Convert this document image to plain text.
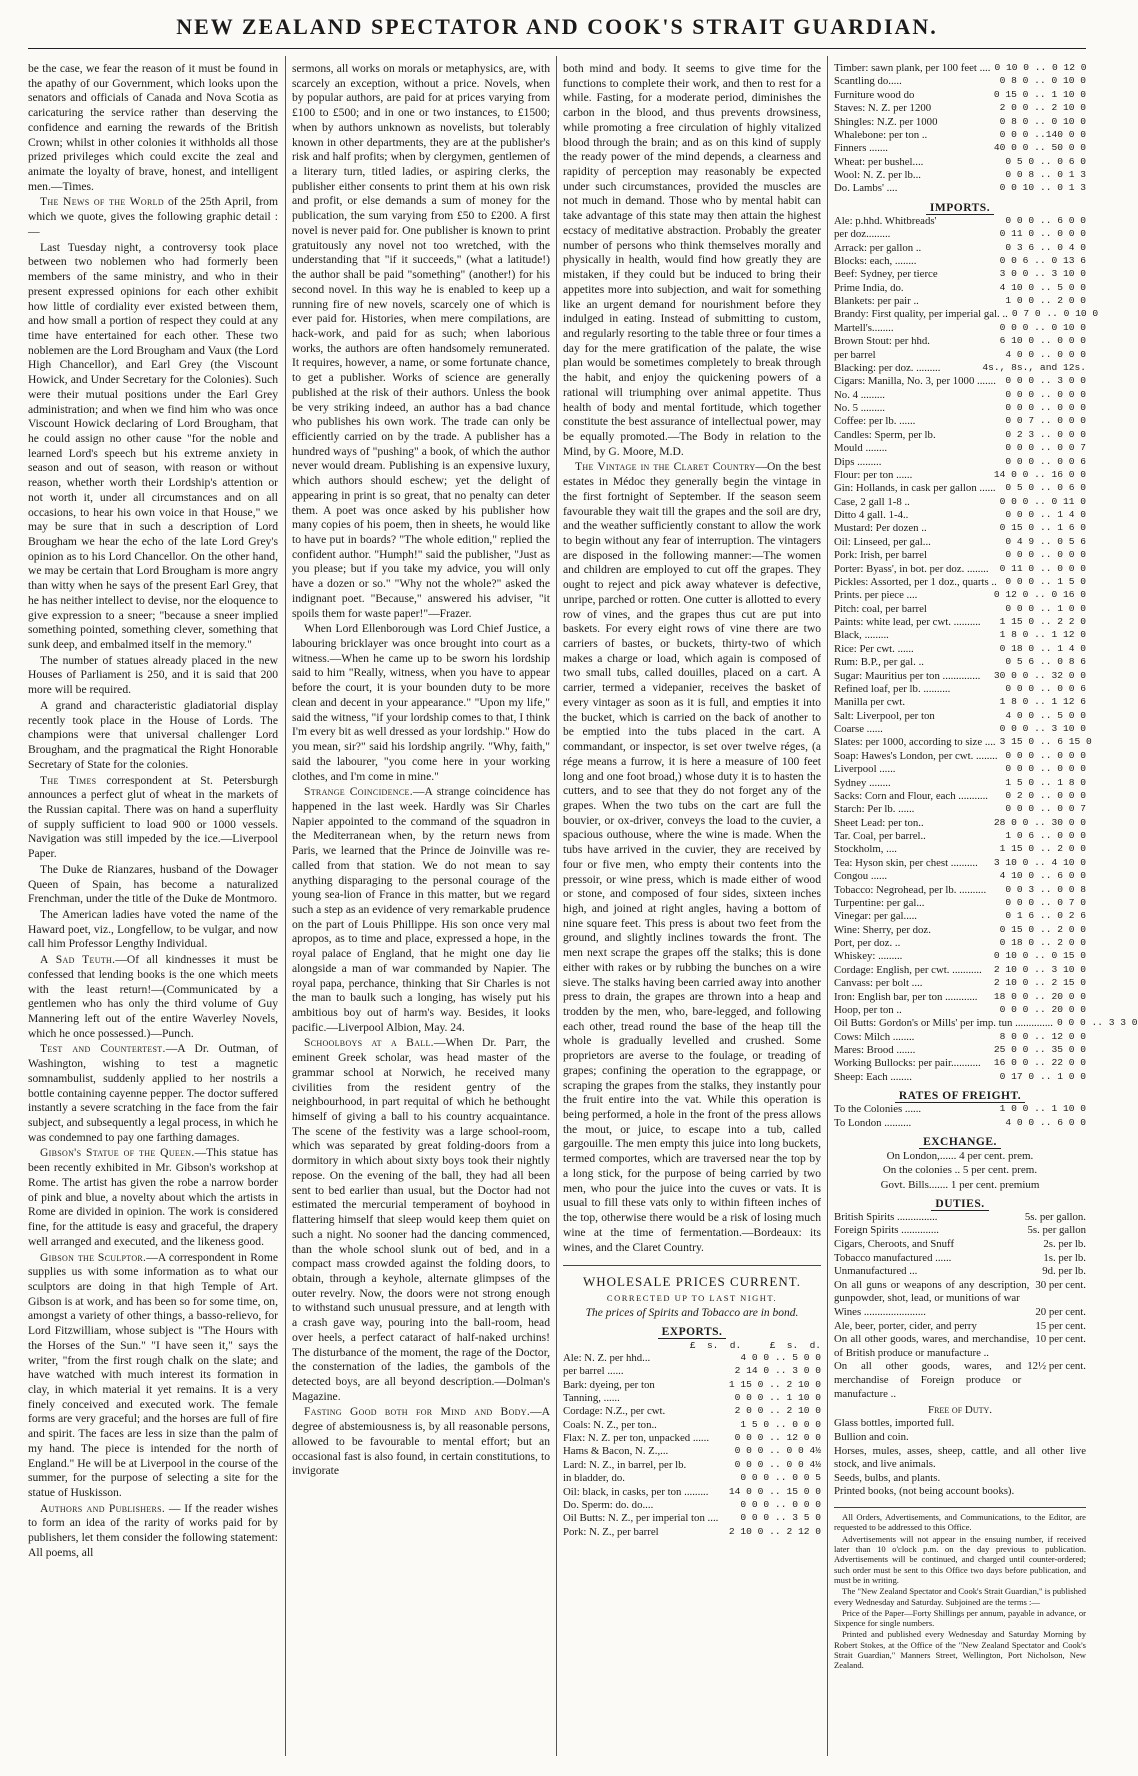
NEW ZEALAND SPECTATOR AND COOK'S STRAIT GUARDIAN.

be the case, we fear the reason of it must be found in the apathy of our Government, which looks upon the senators and officials of Canada and Nova Scotia as caricaturing the service rather than deserving the confidence and earning the rewards of the British Crown; whilst in other colonies it withholds all those prized privileges which could excite the zeal and animate the loyalty of brave, honest, and intelligent men.—Times.

The News of the World of the 25th April, from which we quote, gives the following graphic detail :—

Last Tuesday night, a controversy took place between two noblemen who had formerly been members of the same ministry, and who in their present expressed opinions for each other exhibit how little of cordiality ever existed between them, and how small a portion of respect they could at any time have entertained for each other. These two noblemen are the Lord Brougham and Vaux (the Lord High Chancellor), and Earl Grey (the Viscount Howick, and Under Secretary for the Colonies). Such were their mutual positions under the Earl Grey administration; and when we find him who was once Viscount Howick declaring of Lord Brougham, that he could assign no other cause "for the noble and learned Lord's speech but his extreme anxiety in season and out of season, with reason or without reason, whether worth their Lordship's attention or not worth it, under all circumstances and on all occasions, to hear his own voice in that House," we may be sure that in such a description of Lord Brougham we hear the echo of the late Lord Grey's opinion as to his Lord Chancellor. On the other hand, we may be certain that Lord Brougham is more angry than witty when he says of the present Earl Grey, that he has neither intellect to devise, nor the eloquence to give expression to a sneer; "because a sneer implied something pointed, something clever, something that sunk deep, and embalmed itself in the memory."

The number of statues already placed in the new Houses of Parliament is 250, and it is said that 200 more will be required.

A grand and characteristic gladiatorial display recently took place in the House of Lords. The champions were that universal challenger Lord Brougham, and the pragmatical the Right Honorable Secretary of State for the colonies.

The Times correspondent at St. Petersburgh announces a perfect glut of wheat in the markets of the Russian capital. There was on hand a superfluity of supply sufficient to load 900 or 1000 vessels. Navigation was still impeded by the ice.—Liverpool Paper.

The Duke de Rianzares, husband of the Dowager Queen of Spain, has become a naturalized Frenchman, under the title of the Duke de Montmoro.

The American ladies have voted the name of the Haward poet, viz., Longfellow, to be vulgar, and now call him Professor Lengthy Individual.

A Sad Teuth.—Of all kindnesses it must be confessed that lending books is the one which meets with the least return!—(Communicated by a gentlemen who has only the third volume of Guy Mannering left out of the entire Waverley Novels, which he once possessed.)—Punch.

Test and Countertest.—A Dr. Outman, of Washington, wishing to test a magnetic somnambulist, suddenly applied to her nostrils a bottle containing cayenne pepper. The doctor suffered instantly a severe scratching in the face from the fair subject, and subsequently a legal process, in which he was condemned to pay one farthing damages.

Gibson's Statue of the Queen.—This statue has been recently exhibited in Mr. Gibson's workshop at Rome. The artist has given the robe a narrow border of pink and blue, a novelty about which the artists in Rome are divided in opinion. The work is considered fine, for the attitude is easy and graceful, the drapery well arranged and executed, and the likeness good.

Gibson the Sculptor.—A correspondent in Rome supplies us with some information as to what our sculptors are doing in that high Temple of Art. Gibson is at work, and has been so for some time, on, amongst a variety of other things, a basso-relievo, for Lord Fitzwilliam, whose subject is "The Hours with the Horses of the Sun." "I have seen it," says the writer, "from the first rough chalk on the slate; and have watched with much interest its formation in clay, in which material it yet remains. It is a very finely conceived and executed work. The female forms are very graceful; and the horses are full of fire and spirit. The faces are less in size than the palm of my hand. The piece is intended for the north of England." He will be at Liverpool in the course of the summer, for the purpose of selecting a site for the statue of Huskisson.

Authors and Publishers. — If the reader wishes to form an idea of the rarity of works paid for by publishers, let them consider the following statement: All poems, all

sermons, all works on morals or metaphysics, are, with scarcely an exception, without a price. Novels, when by popular authors, are paid for at prices varying from £100 to £500; and in one or two instances, to £1500; when by authors unknown as novelists, but tolerably known in other departments, they are at the publisher's risk and half profits; when by clergymen, gentlemen of a literary turn, titled ladies, or aspiring clerks, the publisher either consents to print them at his own risk and profit, or else demands a sum of money for the publication, the sum varying from £50 to £200. A first novel is never paid for. One publisher is known to print gratuitously any novel not too wretched, with the understanding that "if it succeeds," (what a latitude!) the author shall be paid "something" (another!) for his second novel. In this way he is enabled to keep up a running fire of new novels, scarcely one of which is ever paid for. Histories, when mere compilations, are hack-work, and paid for as such; when laborious works, the authors are often handsomely remunerated. It requires, however, a name, or some fortunate chance, to get a publisher. Works of science are generally published at the risk of their authors. Unless the book be very striking indeed, an author has a bad chance who publishes his own work. The trade can only be efficiently carried on by the trade. A publisher has a hundred ways of "pushing" a book, of which the author never would dream. Publishing is an expensive luxury, which authors should eschew; yet the delight of appearing in print is so great, that no penalty can deter them. A poet was once asked by his publisher how many copies of his poem, then in sheets, he would like to have put in boards? "The whole edition," replied the confident author. "Humph!" said the publisher, "Just as you please; but if you take my advice, you will only have a dozen or so." "Why not the whole?" asked the indignant poet. "Because," answered his adviser, "it spoils them for waste paper!"—Frazer.

When Lord Ellenborough was Lord Chief Justice, a labouring bricklayer was once brought into court as a witness.—When he came up to be sworn his lordship said to him "Really, witness, when you have to appear before the court, it is your bounden duty to be more clean and decent in your appearance." "Upon my life," said the witness, "if your lordship comes to that, I think I'm every bit as well dressed as your lordship." How do you mean, sir?" said his lordship angrily. "Why, faith," said the labourer, "you come here in your working clothes, and I'm come in mine."

Strange Coincidence.—A strange coincidence has happened in the last week. Hardly was Sir Charles Napier appointed to the command of the squadron in the Mediterranean when, by the return news from Paris, we learned that the Prince de Joinville was re-called from that station. We do not mean to say anything disparaging to the personal courage of the young sea-lion of France in this matter, but we regard such a step as an evidence of very remarkable prudence on the part of Louis Phillippe. His son once very mal apropos, as to time and place, expressed a hope, in the royal palace of England, that he might one day lie alongside a man of war commanded by Napier. The royal papa, perchance, thinking that Sir Charles is not the man to baulk such a longing, has wisely put his ambitious boy out of harm's way. Besides, it looks pacific.—Liverpool Albion, May. 24.

Schoolboys at a Ball.—When Dr. Parr, the eminent Greek scholar, was head master of the grammar school at Norwich, he received many civilities from the resident gentry of the neighbourhood, in part requital of which he bethought himself of giving a ball to his country acquaintance. The scene of the festivity was a large school-room, which was separated by great folding-doors from a dormitory in which about sixty boys took their nightly repose. On the evening of the ball, they had all been sent to bed earlier than usual, but the Doctor had not estimated the mercurial temperament of boyhood in flattering himself that sleep would keep them quiet on such a night. No sooner had the dancing commenced, than the whole school slunk out of bed, and in a compact mass crowded against the folding doors, to obtain, through a keyhole, alternate glimpses of the outer revelry. Now, the doors were not strong enough to withstand such unusual pressure, and at length with a crash gave way, pouring into the ball-room, head over heels, a perfect cataract of half-naked urchins! The disturbance of the moment, the rage of the Doctor, the consternation of the ladies, the gambols of the detected boys, are all beyond description.—Dolman's Magazine.

Fasting Good both for Mind and Body.—A degree of abstemiousness is, by all reasonable persons, allowed to be favourable to mental effort; but an occasional fast is also found, in certain constitutions, to invigorate

both mind and body. It seems to give time for the functions to complete their work, and then to rest for a while. Fasting, for a moderate period, diminishes the carbon in the blood, and thus prevents drowsiness, while promoting a free circulation of highly vitalized blood through the brain; and as on this kind of supply the ready power of the mind depends, a clearness and rapidity of perception may reasonably be expected under such circumstances, provided the muscles are not much in demand. Those who by mental habit can take advantage of this state may then attain the highest ecstacy of meditative abstraction. Probably the greater number of persons who think themselves morally and physically in health, would find how greatly they are mistaken, if they could but be induced to bring their appetites more into subjection, and wait for something like an urgent demand for nourishment before they indulged in eating. Instead of submitting to custom, and regularly resorting to the table three or four times a day for the mere gratification of the palate, the wise plan would be sometimes completely to break through the habit, and enjoy the quickening powers of a rational will triumphing over animal appetite. Thus health of body and mental fortitude, which together constitute the best assurance of intellectual power, may be equally promoted.—The Body in relation to the Mind, by G. Moore, M.D.

The Vintage in the Claret Country—On the best estates in Médoc they generally begin the vintage in the first fortnight of September. If the season seem favourable they wait till the grapes and the soil are dry, and the weather sufficiently constant to allow the work to begin without any fear of interruption. The vintagers are disposed in the following manner:—The women and children are employed to cut off the grapes. They ought to reject and pick away whatever is defective, unripe, parched or rotten. One cutter is allotted to every row of vines, and the grapes thus cut are put into baskets. For every eight rows of vine there are two carriers of bastes, or buckets, thirty-two of which makes a charge or load, which again is composed of two small tubs, called douilles, placed on a cart. A carrier, termed a videpanier, receives the basket of every vintager as soon as it is full, and empties it into the bucket, which is carried on the back of another to be emptied into the tubs placed in the cart. A commandant, or inspector, is set over twelve réges, (a rége means a furrow, it is here a measure of 100 feet long and one foot broad,) whose duty it is to hasten the cutters, and to see that they do not forget any of the grapes. When the two tubs on the cart are full the bouvier, or ox-driver, conveys the load to the cuvier, a spacious outhouse, where the wine is made. When the tubs have arrived in the cuvier, they are received by four or five men, who empty their contents into the pressoir, or wine press, which is made either of wood or stone, and composed of four sides, sixteen inches high, and joined at right angles, having a bottom of nine square feet. This press is about two feet from the ground, and slightly inclines towards the front. The men next scrape the grapes off the stalks; this is done either with rakes or by rubbing the bunches on a wire sieve. The stalks having been carried away into another press to drain, the grapes are thrown into a heap and trodden by the men, who, bare-legged, and following each other, tread round the base of the heap till the whole is gradually levelled and crushed. Some proprietors are averse to the foulage, or treading of grapes; confining the operation to the egrappage, or scraping the grapes from the stalks, they instantly pour the fruit entire into the vat. While this operation is being performed, a hole in the front of the press allows the mout, or juice, to escape into a tub, called gargouille. The men empty this juice into long buckets, termed comportes, which are traversed near the top by a long stick, for the purpose of being carried by two men, who pour the juice into the cuves or vats. It is usual to fill these vats only to within fifteen inches of the top, otherwise there would be a risk of losing much wine at the time of fermentation.—Bordeaux: its wines, and the Claret Country.

WHOLESALE PRICES CURRENT.
CORRECTED UP TO LAST NIGHT.
The prices of Spirits and Tobacco are in bond.
EXPORTS.
£  s.  d.     £  s.  d.
Ale: N. Z. per hhd...	4 0 0 .. 5 0 0
per barrel ......	2 14 0 .. 3 0 0
Bark: dyeing, per ton	1 15 0 .. 2 10 0
Tanning, ......	0 0 0 .. 1 10 0
Cordage: N.Z., per cwt.	2 0 0 .. 2 10 0
Coals: N. Z., per ton..	1 5 0 .. 0 0 0
Flax: N. Z. per ton, unpacked ......	0 0 0 .. 12 0 0
Hams & Bacon, N. Z.,...	0 0 0 .. 0 0 4½
Lard: N. Z., in barrel, per lb.	0 0 0 .. 0 0 4½
in bladder, do.	0 0 0 .. 0 0 5
Oil: black, in casks, per ton .........	14 0 0 .. 15 0 0
Do. Sperm: do. do....	0 0 0 .. 0 0 0
Oil Butts: N. Z., per imperial ton ....	0 0 0 .. 3 5 0
Pork: N. Z., per barrel	2 10 0 .. 2 12 0
Timber: sawn plank, per 100 feet .... 0 10 0 .. 0 12 0
Scantling do.....	0 8 0 .. 0 10 0
Furniture wood do	0 15 0 .. 1 10 0
Staves: N. Z. per 1200	2 0 0 .. 2 10 0
Shingles: N.Z. per 1000	0 8 0 .. 0 10 0
Whalebone: per ton ..	0 0 0 ..140 0 0
Finners .......	40 0 0 .. 50 0 0
Wheat: per bushel....	0 5 0 .. 0 6 0
Wool: N. Z. per lb...	0 0 8 .. 0 1 3
Do. Lambs' ....	0 0 10 .. 0 1 3
IMPORTS.
Ale: p.hhd. Whitbreads'	0 0 0 .. 6 0 0
per doz.........	0 11 0 .. 0 0 0
Arrack: per gallon ..	0 3 6 .. 0 4 0
Blocks: each, ........	0 0 6 .. 0 13 6
Beef: Sydney, per tierce	3 0 0 .. 3 10 0
Prime India, do.	4 10 0 .. 5 0 0
Blankets: per pair ..	1 0 0 .. 2 0 0
Brandy: First quality, per imperial gal. .. 0 7 0 .. 0 10 0
Martell's........	0 0 0 .. 0 10 0
Brown Stout: per hhd.	6 10 0 .. 0 0 0
per barrel	4 0 0 .. 0 0 0
Blacking: per doz. .........	4s., 8s., and 12s.
Cigars: Manilla, No. 3, per 1000 ....... 0 0 0 .. 3 0 0
No. 4 .........	0 0 0 .. 0 0 0
No. 5 .........	0 0 0 .. 0 0 0
Coffee: per lb. ......	0 0 7 .. 0 0 0
Candles: Sperm, per lb.	0 2 3 .. 0 0 0
Mould ........	0 0 0 .. 0 0 7
Dips .........	0 0 0 .. 0 0 6
Flour: per ton ......	14 0 0 .. 16 0 0
Gin: Hollands, in cask per gallon ......	0 5 0 .. 0 6 0
Case, 2 gall 1-8 ..	0 0 0 .. 0 11 0
Ditto 4 gall. 1-4..	0 0 0 .. 1 4 0
Mustard: Per dozen ..	0 15 0 .. 1 6 0
Oil: Linseed, per gal...	0 4 9 .. 0 5 6
Pork: Irish, per barrel	0 0 0 .. 0 0 0
Porter: Byass', in bot. per doz. ........	0 11 0 .. 0 0 0
Pickles: Assorted, per 1 doz., quarts .. 0 0 0 .. 1 5 0
Prints. per piece ....	0 12 0 .. 0 16 0
Pitch: coal, per barrel	0 0 0 .. 1 0 0
Paints: white lead, per cwt. ..........	1 15 0 .. 2 2 0
Black, .........	1 8 0 .. 1 12 0
Rice: Per cwt. ......	0 18 0 .. 1 4 0
Rum: B.P., per gal. ..	0 5 6 .. 0 8 6
Sugar: Mauritius per ton ..............	30 0 0 .. 32 0 0
Refined loaf, per lb. ..........	0 0 0 .. 0 0 6
Manilla per cwt.	1 8 0 .. 1 12 6
Salt: Liverpool, per ton	4 0 0 .. 5 0 0
Coarse ......	0 0 0 .. 3 10 0
Slates: per 1000, according to size .... 3 15 0 .. 6 15 0
Soap: Hawes's London, per cwt. ........ 0 0 0 .. 0 0 0
Liverpool ......	0 0 0 .. 0 0 0
Sydney ........	1 5 0 .. 1 8 0
Sacks: Corn and Flour, each ...........	0 2 0 .. 0 0 0
Starch: Per lb. ......	0 0 0 .. 0 0 7
Sheet Lead: per ton..	28 0 0 .. 30 0 0
Tar. Coal, per barrel..	1 0 6 .. 0 0 0
Stockholm, ....	1 15 0 .. 2 0 0
Tea: Hyson skin, per chest ..........	3 10 0 .. 4 10 0
Congou ......	4 10 0 .. 6 0 0
Tobacco: Negrohead, per lb. ..........	0 0 3 .. 0 0 8
Turpentine: per gal...	0 0 0 .. 0 7 0
Vinegar: per gal.....	0 1 6 .. 0 2 6
Wine: Sherry, per doz.	0 15 0 .. 2 0 0
Port, per doz. ..	0 18 0 .. 2 0 0
Whiskey: .........	0 10 0 .. 0 15 0
Cordage: English, per cwt. ...........	2 10 0 .. 3 10 0
Canvass: per bolt ....	2 10 0 .. 2 15 0
Iron: English bar, per ton ............	18 0 0 .. 20 0 0
Hoop, per ton ..	0 0 0 .. 20 0 0
Oil Butts: Gordon's or Mills' per imp. tun .............. 0 0 0 .. 3 3 0
Cows: Milch ........	8 0 0 .. 12 0 0
Mares: Brood .......	25 0 0 .. 35 0 0
Working Bullocks: per pair...........	16 0 0 .. 22 0 0
Sheep: Each ........	0 17 0 .. 1 0 0
RATES OF FREIGHT.
To the Colonies ......	1 0 0 .. 1 10 0
To London ..........	4 0 0 .. 6 0 0
EXCHANGE.
On London,...... 4 per cent. prem.
On the colonies .. 5 per cent. prem.
Govt. Bills....... 1 per cent. premium
DUTIES.
British Spirits ...............	5s. per gallon.
Foreign Spirits ..............	5s. per gallon
Cigars, Cheroots, and Snuff	2s. per lb.
Tobacco manufactured ......	1s. per lb.
Unmanufactured ...	9d. per lb.
On all guns or weapons of any description, gunpowder, shot, lead, or munitions of war
30 per cent.
Wines .......................	20 per cent.
Ale, beer, porter, cider, and perry	15 per cent.
On all other goods, wares, and merchandise, of British produce or manufacture ..
10 per cent.
On all other goods, wares, and merchandise of Foreign produce or manufacture ..
12½ per cent.
Free of Duty.
Glass bottles, imported full.
Bullion and coin.
Horses, mules, asses, sheep, cattle, and all other live stock, and live animals.
Seeds, bulbs, and plants.
Printed books, (not being account books).

All Orders, Advertisements, and Communications, to the Editor, are requested to be addressed to this Office.

Advertisements will not appear in the ensuing number, if received later than 10 o'clock p.m. on the day previous to publication. Advertisements will be continued, and charged until counter-ordered; such order must be sent to this Office two days before publication, and must be in writing.

The "New Zealand Spectator and Cook's Strait Guardian," is published every Wednesday and Saturday. Subjoined are the terms :—

Price of the Paper—Forty Shillings per annum, payable in advance, or Sixpence for single numbers.

Printed and published every Wednesday and Saturday Morning by Robert Stokes, at the Office of the "New Zealand Spectator and Cook's Strait Guardian," Manners Street, Wellington, Port Nicholson, New Zealand.
